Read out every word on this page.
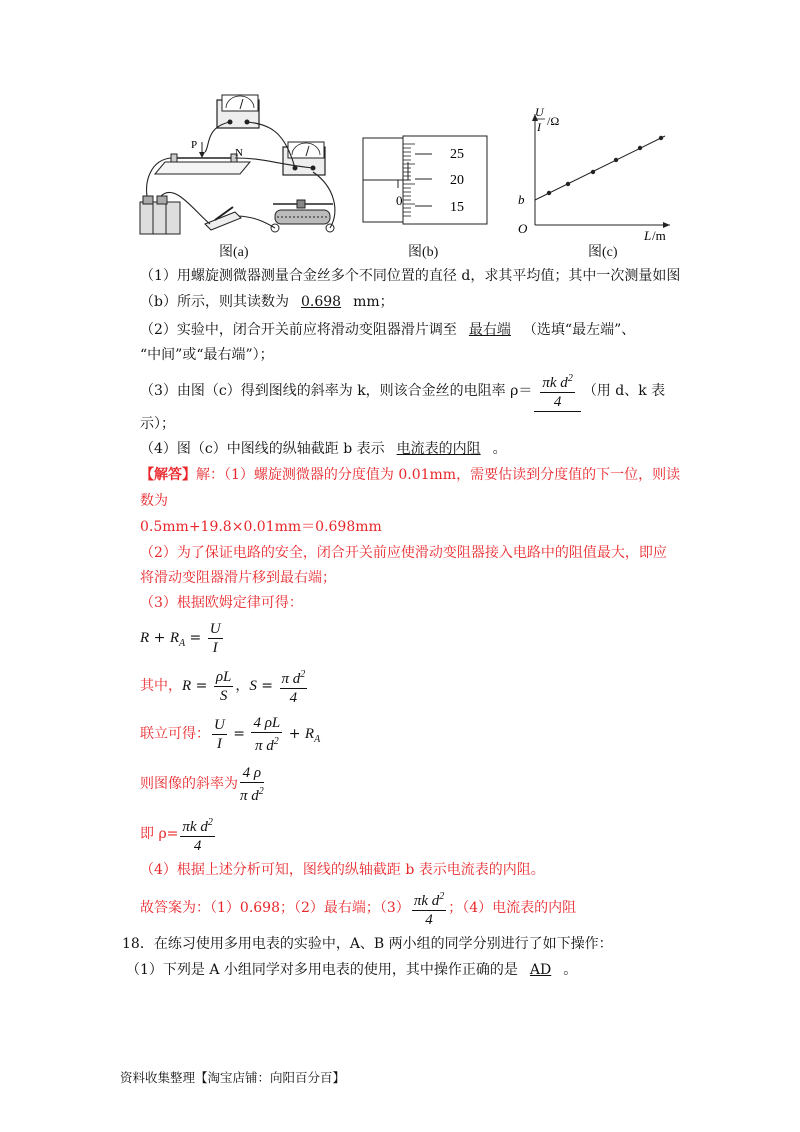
P
N
图(a)
25
20
15
0
图(b)
U
I /Ω
L /m
b
O
图(c)
（1）用螺旋测微器测量合金丝多个不同位置的直径 d，求其平均值；其中一次测量如图
（b）所示，则其读数为 0.698 mm；
（2）实验中，闭合开关前应将滑动变阻器滑片调至 最右端 （选填“最左端”、
“中间”或“最右端”）；
（3）由图（c）得到图线的斜率为 k，则该合金丝的电阻率 $\rho= \frac{\pi k d^2}{4}$ （用 d、k 表
示）；
（4）图（c）中图线的纵轴截距 b 表示 电流表的内阻 。
【解答】解：（1）螺旋测微器的分度值为 0.01mm，需要估读到分度值的下一位，则读
数为
0.5mm+19.8×0.01mm＝0.698mm
（2）为了保证电路的安全，闭合开关前应使滑动变阻器接入电路中的阻值最大，即应
将滑动变阻器滑片移到最右端；
（3）根据欧姆定律可得：
$R + R_A = \frac{U}{I}$
其中，$R = \frac{\rho L}{S}$ ，$S = \frac{\pi d^2}{4}$
联立可得： $\frac{U}{I} = \frac{4 \rho L}{\pi d^2} + R_A$
则图像的斜率为 $\frac{4 \rho}{\pi d^2}$
即 $\rho= \frac{\pi k d^2}{4}$
（4）根据上述分析可知，图线的纵轴截距 b 表示电流表的内阻。
故答案为：（1）0.698；（2）最右端；$(3) \frac{\pi k d^2}{4}$ ；（4）电流表的内阻
18．在练习使用多用电表的实验中，A、B 两小组的同学分别进行了如下操作：
（1）下列是 A 小组同学对多用电表的使用，其中操作正确的是 AD 。
资料收集整理【淘宝店铺：向阳百分百】
